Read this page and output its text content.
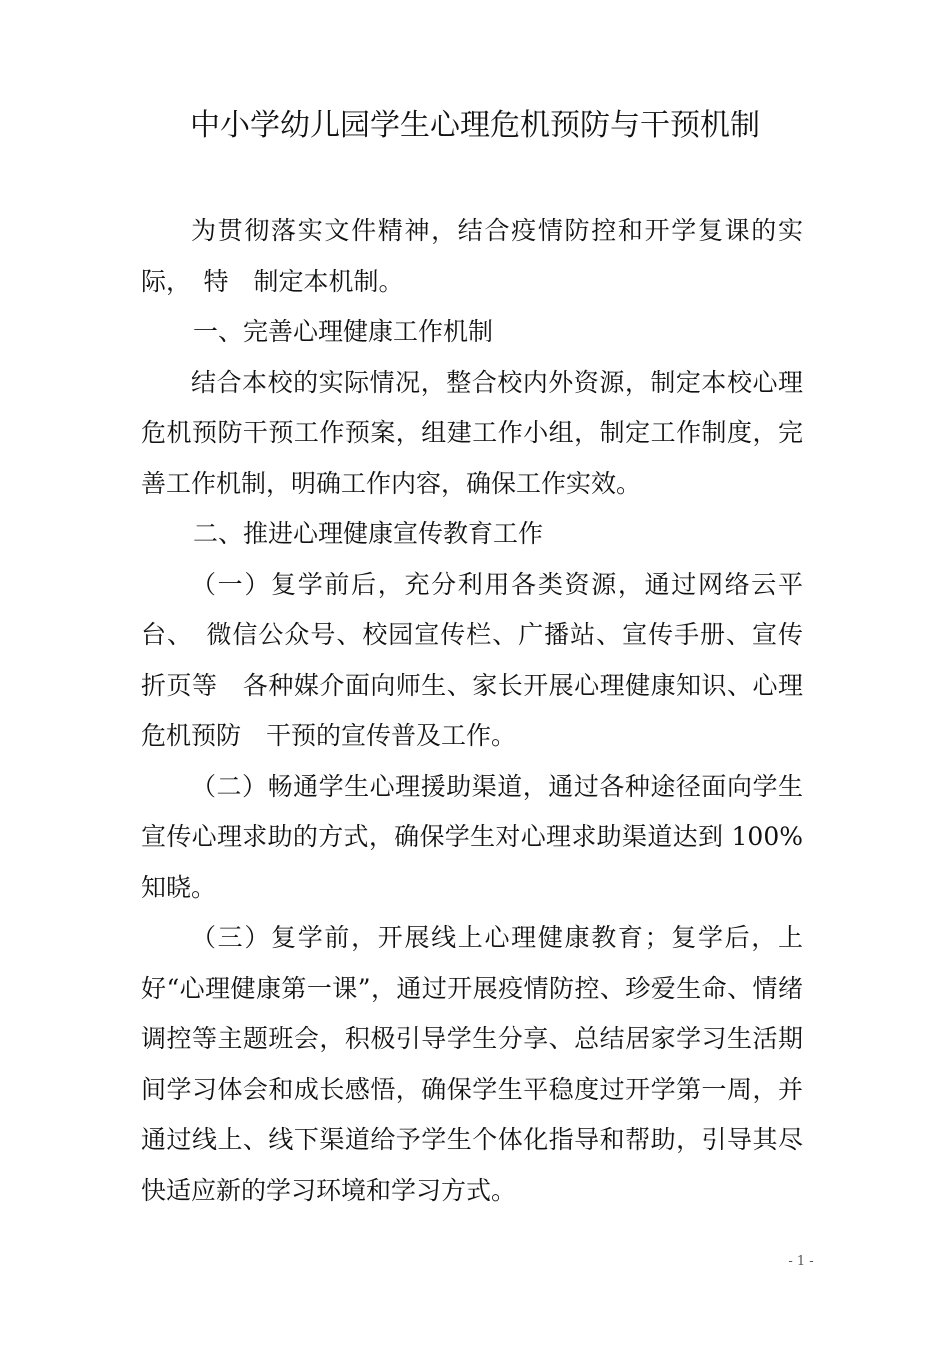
中小学幼儿园学生心理危机预防与干预机制

为贯彻落实文件精神，结合疫情防控和开学复课的实际，　特　制定本机制。

一、完善心理健康工作机制

结合本校的实际情况，整合校内外资源，制定本校心理危机预防干预工作预案，组建工作小组，制定工作制度，完善工作机制，明确工作内容，确保工作实效。

二、推进心理健康宣传教育工作

（一）复学前后，充分利用各类资源，通过网络云平台、　微信公众号、校园宣传栏、广播站、宣传手册、宣传折页等　各种媒介面向师生、家长开展心理健康知识、心理危机预防　干预的宣传普及工作。

（二）畅通学生心理援助渠道，通过各种途径面向学生宣传心理求助的方式，确保学生对心理求助渠道达到 100% 知晓。

（三）复学前，开展线上心理健康教育；复学后，上好“心理健康第一课”，通过开展疫情防控、珍爱生命、情绪调控等主题班会，积极引导学生分享、总结居家学习生活期间学习体会和成长感悟，确保学生平稳度过开学第一周，并通过线上、线下渠道给予学生个体化指导和帮助，引导其尽快适应新的学习环境和学习方式。

- 1 -
